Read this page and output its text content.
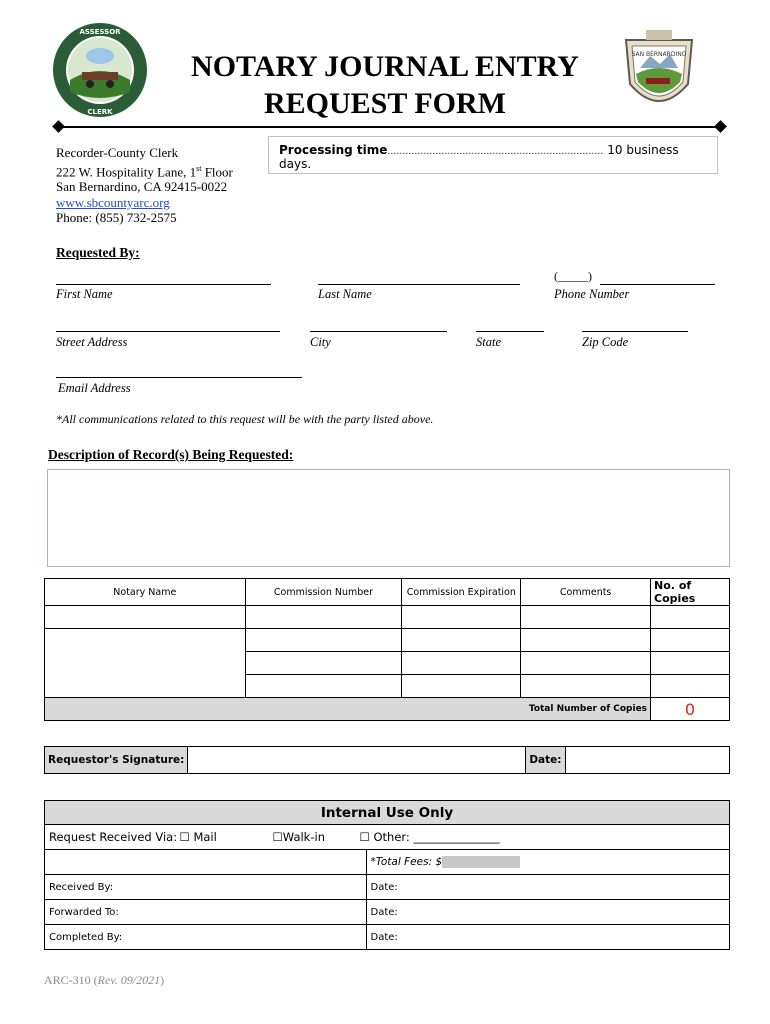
ASSESSOR
CLERK
NOTARY JOURNAL ENTRY
REQUEST FORM
SAN BERNARDINO
Recorder-County Clerk
222 W. Hospitality Lane, 1st Floor
San Bernardino, CA 92415-0022
www.sbcountyarc.org
Phone: (855) 732-2575
Processing time……………………………………………………………… 10 business days.
Requested By:
First Name	Last Name
(_____)
Phone Number
Street Address	City	State	Zip Code
Email Address
*All communications related to this request will be with the party listed above.
Description of Record(s) Being Requested:
Notary Name	Commission Number	Commission Expiration	Comments	No. of Copies

Total Number of Copies				0
Requestor's Signature:		Date:	
Internal Use Only	
Request Received Via: ☐ Mail ☐Walk-in ☐ Other: _______________	

	*Total Fees: $
Received By:	Date:
Forwarded To:	Date:
Completed By:	Date:
ARC-310 (Rev. 09/2021)
